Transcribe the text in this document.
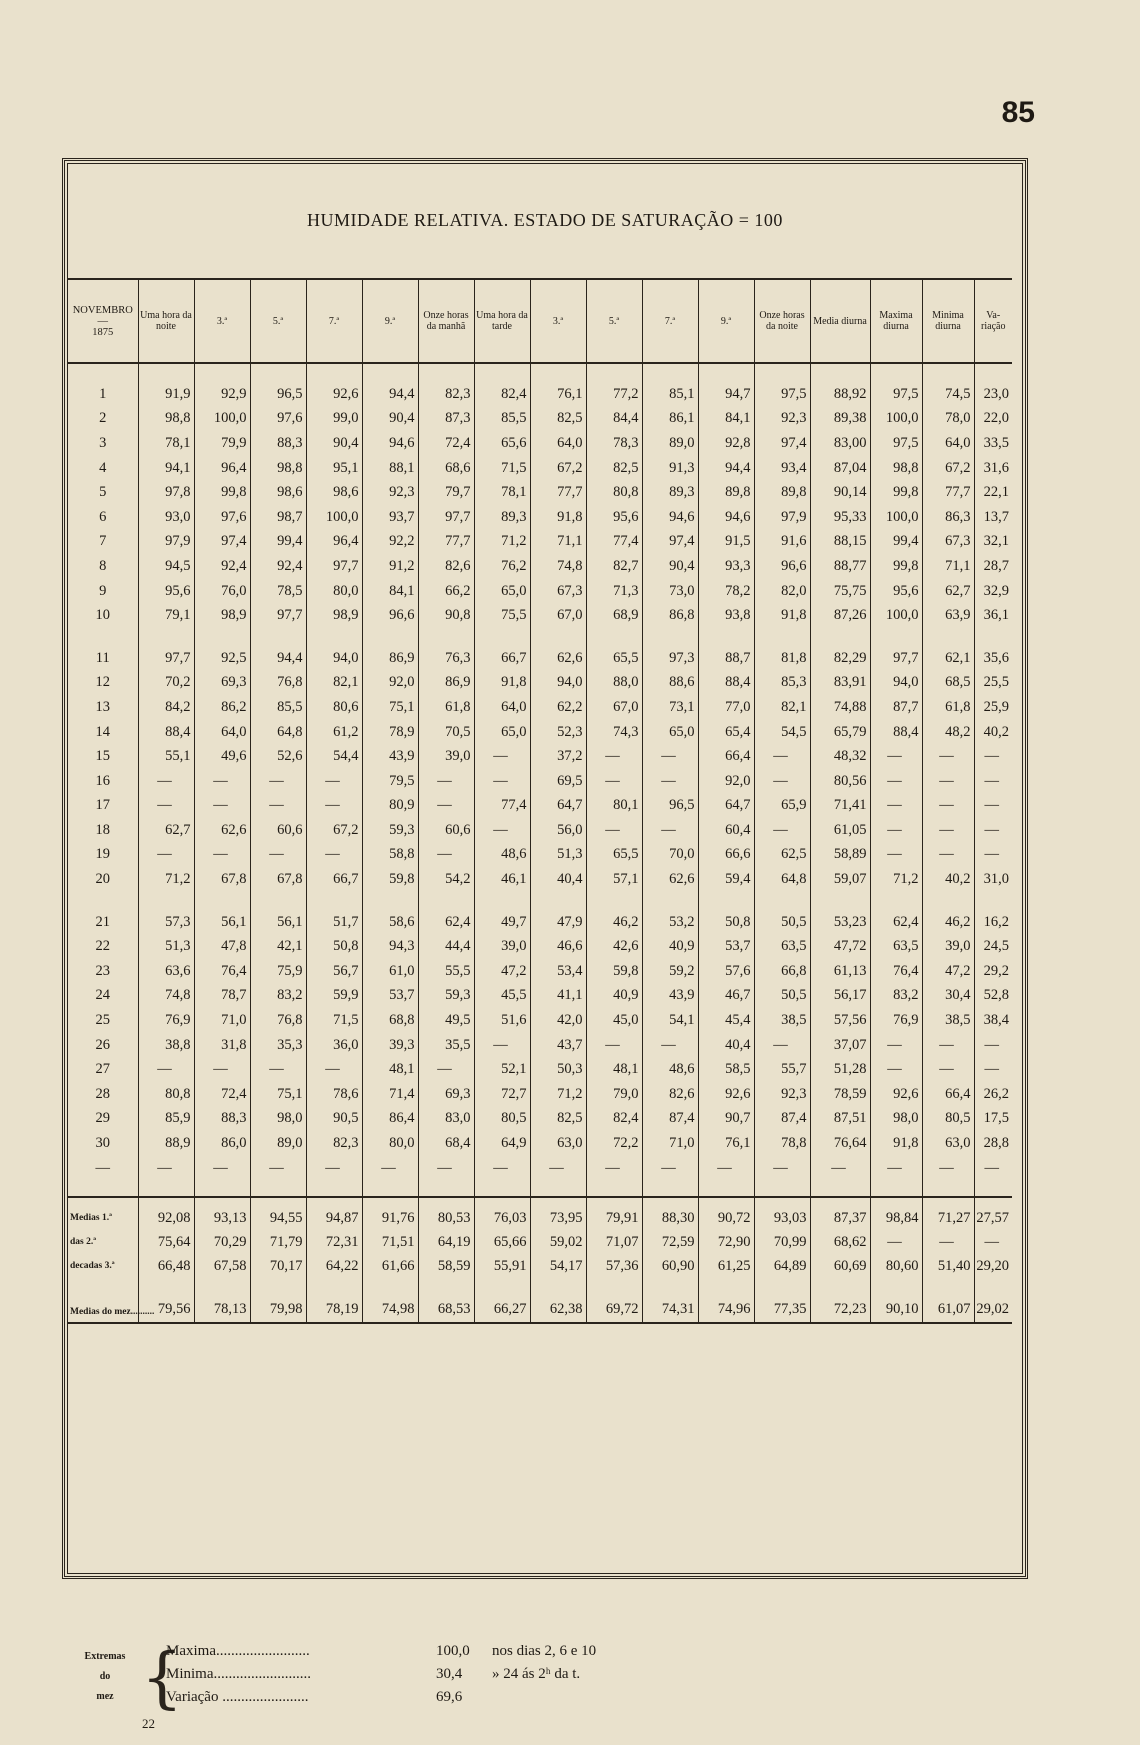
85
HUMIDADE RELATIVA. ESTADO DE SATURAÇÃO = 100
NOVEMBRO
—
1875	Uma hora da noite	3.ª	5.ª	7.ª	9.ª	Onze horas da manhã	Uma hora da tarde	3.ª	5.ª	7.ª	9.ª	Onze horas da noite	Media diurna	Maxima diurna	Minima diurna	Va-riação

1	91,9	92,9	96,5	92,6	94,4	82,3	82,4	76,1	77,2	85,1	94,7	97,5	88,92	97,5	74,5	23,0
2	98,8	100,0	97,6	99,0	90,4	87,3	85,5	82,5	84,4	86,1	84,1	92,3	89,38	100,0	78,0	22,0
3	78,1	79,9	88,3	90,4	94,6	72,4	65,6	64,0	78,3	89,0	92,8	97,4	83,00	97,5	64,0	33,5
4	94,1	96,4	98,8	95,1	88,1	68,6	71,5	67,2	82,5	91,3	94,4	93,4	87,04	98,8	67,2	31,6
5	97,8	99,8	98,6	98,6	92,3	79,7	78,1	77,7	80,8	89,3	89,8	89,8	90,14	99,8	77,7	22,1
6	93,0	97,6	98,7	100,0	93,7	97,7	89,3	91,8	95,6	94,6	94,6	97,9	95,33	100,0	86,3	13,7
7	97,9	97,4	99,4	96,4	92,2	77,7	71,2	71,1	77,4	97,4	91,5	91,6	88,15	99,4	67,3	32,1
8	94,5	92,4	92,4	97,7	91,2	82,6	76,2	74,8	82,7	90,4	93,3	96,6	88,77	99,8	71,1	28,7
9	95,6	76,0	78,5	80,0	84,1	66,2	65,0	67,3	71,3	73,0	78,2	82,0	75,75	95,6	62,7	32,9
10	79,1	98,9	97,7	98,9	96,6	90,8	75,5	67,0	68,9	86,8	93,8	91,8	87,26	100,0	63,9	36,1

11	97,7	92,5	94,4	94,0	86,9	76,3	66,7	62,6	65,5	97,3	88,7	81,8	82,29	97,7	62,1	35,6
12	70,2	69,3	76,8	82,1	92,0	86,9	91,8	94,0	88,0	88,6	88,4	85,3	83,91	94,0	68,5	25,5
13	84,2	86,2	85,5	80,6	75,1	61,8	64,0	62,2	67,0	73,1	77,0	82,1	74,88	87,7	61,8	25,9
14	88,4	64,0	64,8	61,2	78,9	70,5	65,0	52,3	74,3	65,0	65,4	54,5	65,79	88,4	48,2	40,2
15	55,1	49,6	52,6	54,4	43,9	39,0	—	37,2	—	—	66,4	—	48,32	—	—	—
16	—	—	—	—	79,5	—	—	69,5	—	—	92,0	—	80,56	—	—	—
17	—	—	—	—	80,9	—	77,4	64,7	80,1	96,5	64,7	65,9	71,41	—	—	—
18	62,7	62,6	60,6	67,2	59,3	60,6	—	56,0	—	—	60,4	—	61,05	—	—	—
19	—	—	—	—	58,8	—	48,6	51,3	65,5	70,0	66,6	62,5	58,89	—	—	—
20	71,2	67,8	67,8	66,7	59,8	54,2	46,1	40,4	57,1	62,6	59,4	64,8	59,07	71,2	40,2	31,0

21	57,3	56,1	56,1	51,7	58,6	62,4	49,7	47,9	46,2	53,2	50,8	50,5	53,23	62,4	46,2	16,2
22	51,3	47,8	42,1	50,8	94,3	44,4	39,0	46,6	42,6	40,9	53,7	63,5	47,72	63,5	39,0	24,5
23	63,6	76,4	75,9	56,7	61,0	55,5	47,2	53,4	59,8	59,2	57,6	66,8	61,13	76,4	47,2	29,2
24	74,8	78,7	83,2	59,9	53,7	59,3	45,5	41,1	40,9	43,9	46,7	50,5	56,17	83,2	30,4	52,8
25	76,9	71,0	76,8	71,5	68,8	49,5	51,6	42,0	45,0	54,1	45,4	38,5	57,56	76,9	38,5	38,4
26	38,8	31,8	35,3	36,0	39,3	35,5	—	43,7	—	—	40,4	—	37,07	—	—	—
27	—	—	—	—	48,1	—	52,1	50,3	48,1	48,6	58,5	55,7	51,28	—	—	—
28	80,8	72,4	75,1	78,6	71,4	69,3	72,7	71,2	79,0	82,6	92,6	92,3	78,59	92,6	66,4	26,2
29	85,9	88,3	98,0	90,5	86,4	83,0	80,5	82,5	82,4	87,4	90,7	87,4	87,51	98,0	80,5	17,5
30	88,9	86,0	89,0	82,3	80,0	68,4	64,9	63,0	72,2	71,0	76,1	78,8	76,64	91,8	63,0	28,8
—	—	—	—	—	—	—	—	—	—	—	—	—	—	—	—	—

Medias 1.ª	92,08	93,13	94,55	94,87	91,76	80,53	76,03	73,95	79,91	88,30	90,72	93,03	87,37	98,84	71,27	27,57
das 2.ª	75,64	70,29	71,79	72,31	71,51	64,19	65,66	59,02	71,07	72,59	72,90	70,99	68,62	—	—	—
decadas 3.ª	66,48	67,58	70,17	64,22	61,66	58,59	55,91	54,17	57,36	60,90	61,25	64,89	60,69	80,60	51,40	29,20
Medias do mez..........	79,56	78,13	79,98	78,19	74,98	68,53	66,27	62,38	69,72	74,31	74,96	77,35	72,23	90,10	61,07	29,02
Extremas
do
mez {
Maxima.........................	100,0 nos dias 2, 6 e 10
Minima..........................	30,4 » 24 ás 2ʰ da t.
Variação .......................	69,6
22
